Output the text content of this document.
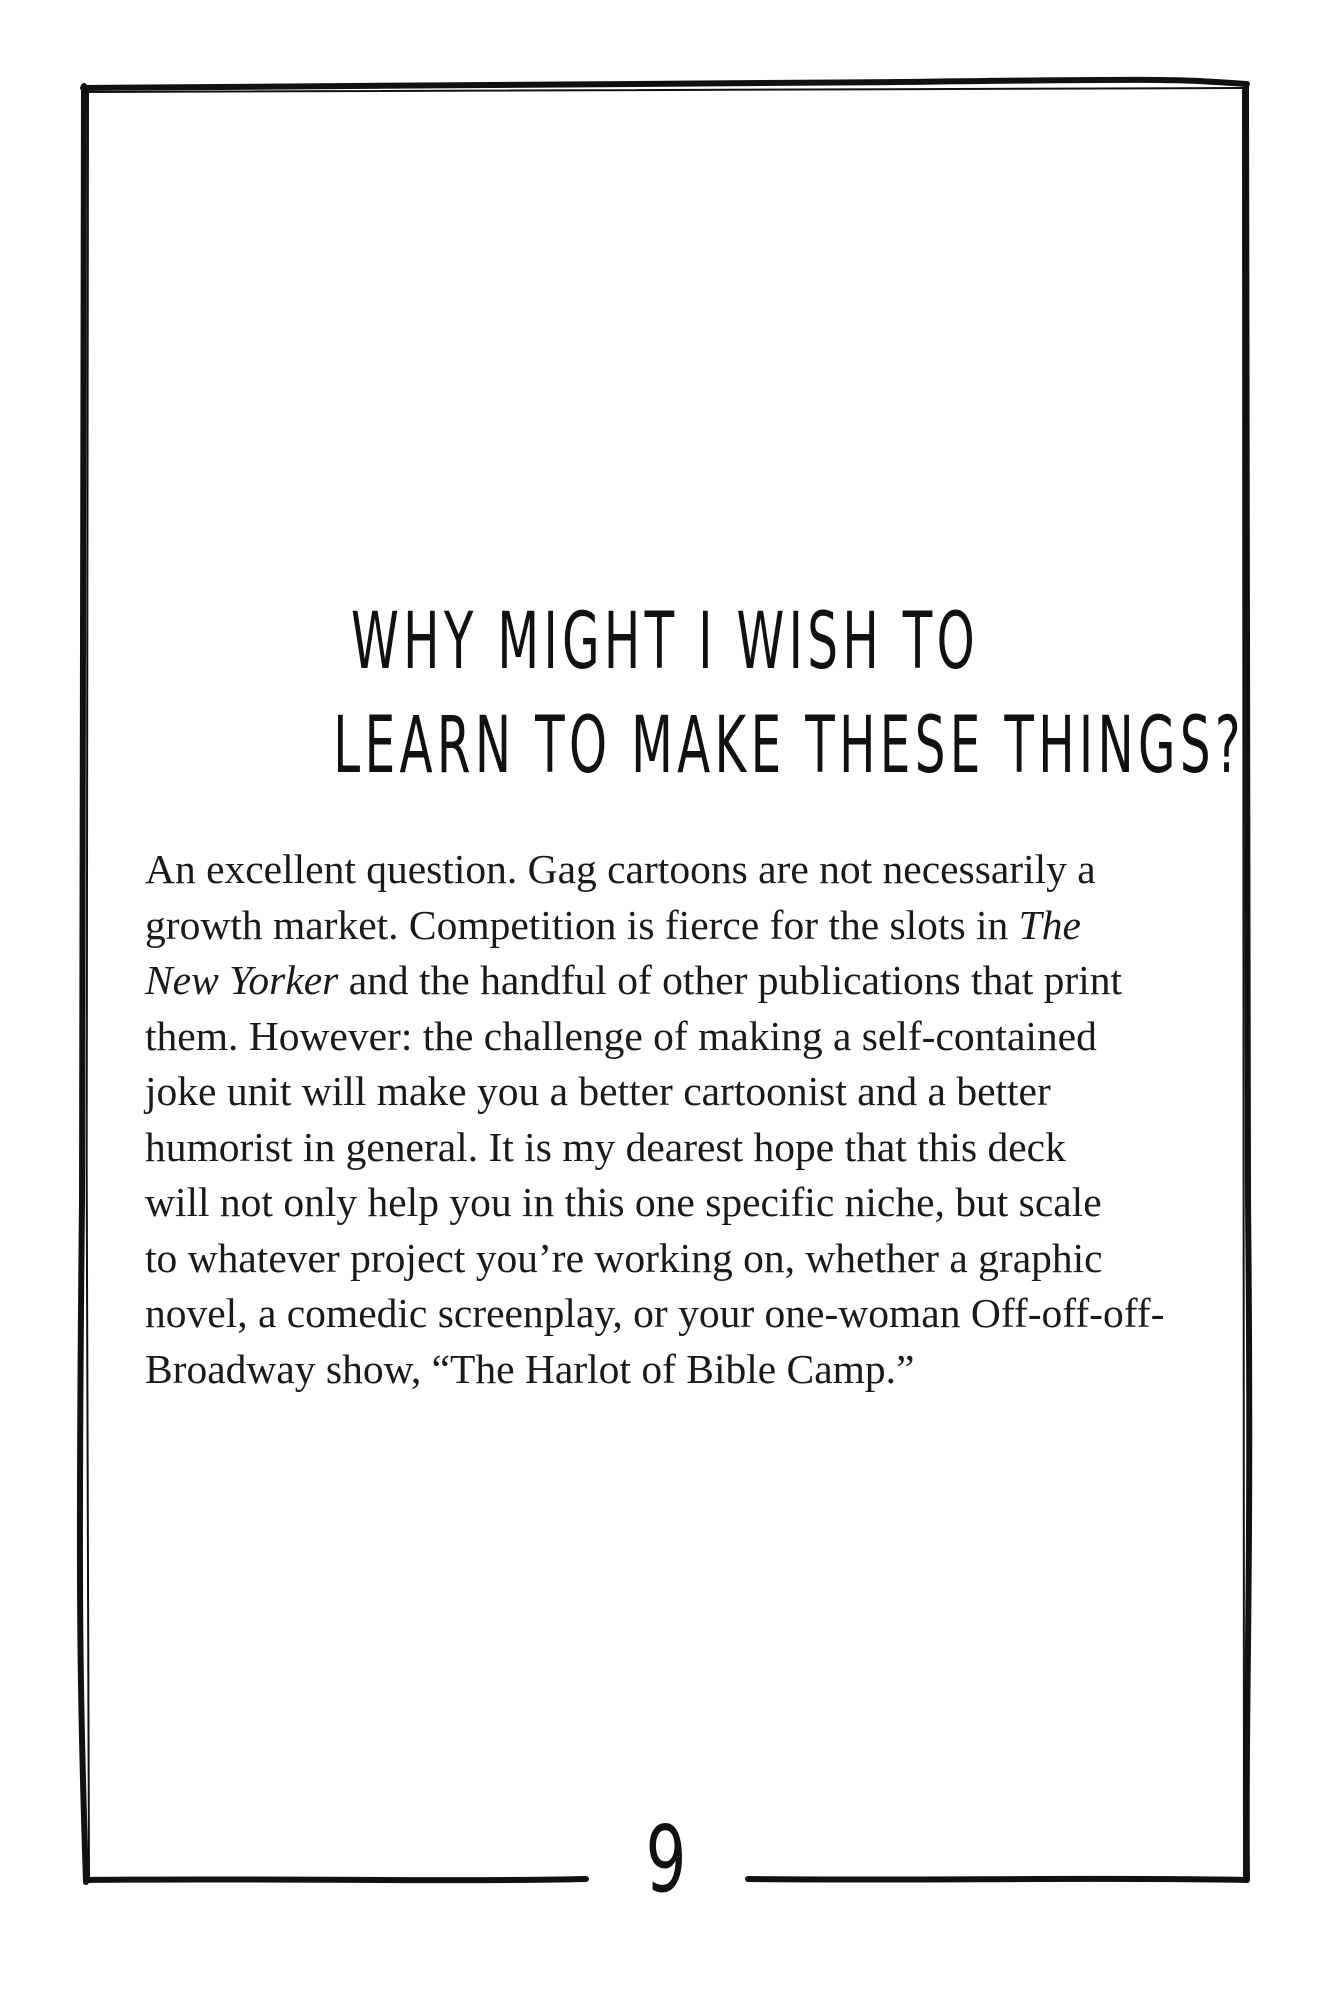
WHY MIGHT I WISH TO
LEARN TO MAKE THESE THINGS?
An excellent question. Gag cartoons are not necessarily a
growth market. Competition is fierce for the slots in The
New Yorker and the handful of other publications that print
them. However: the challenge of making a self-contained
joke unit will make you a better cartoonist and a better
humorist in general. It is my dearest hope that this deck
will not only help you in this one specific niche, but scale
to whatever project you’re working on, whether a graphic
novel, a comedic screenplay, or your one-woman Off-off-off-
Broadway show, “The Harlot of Bible Camp.”
9
